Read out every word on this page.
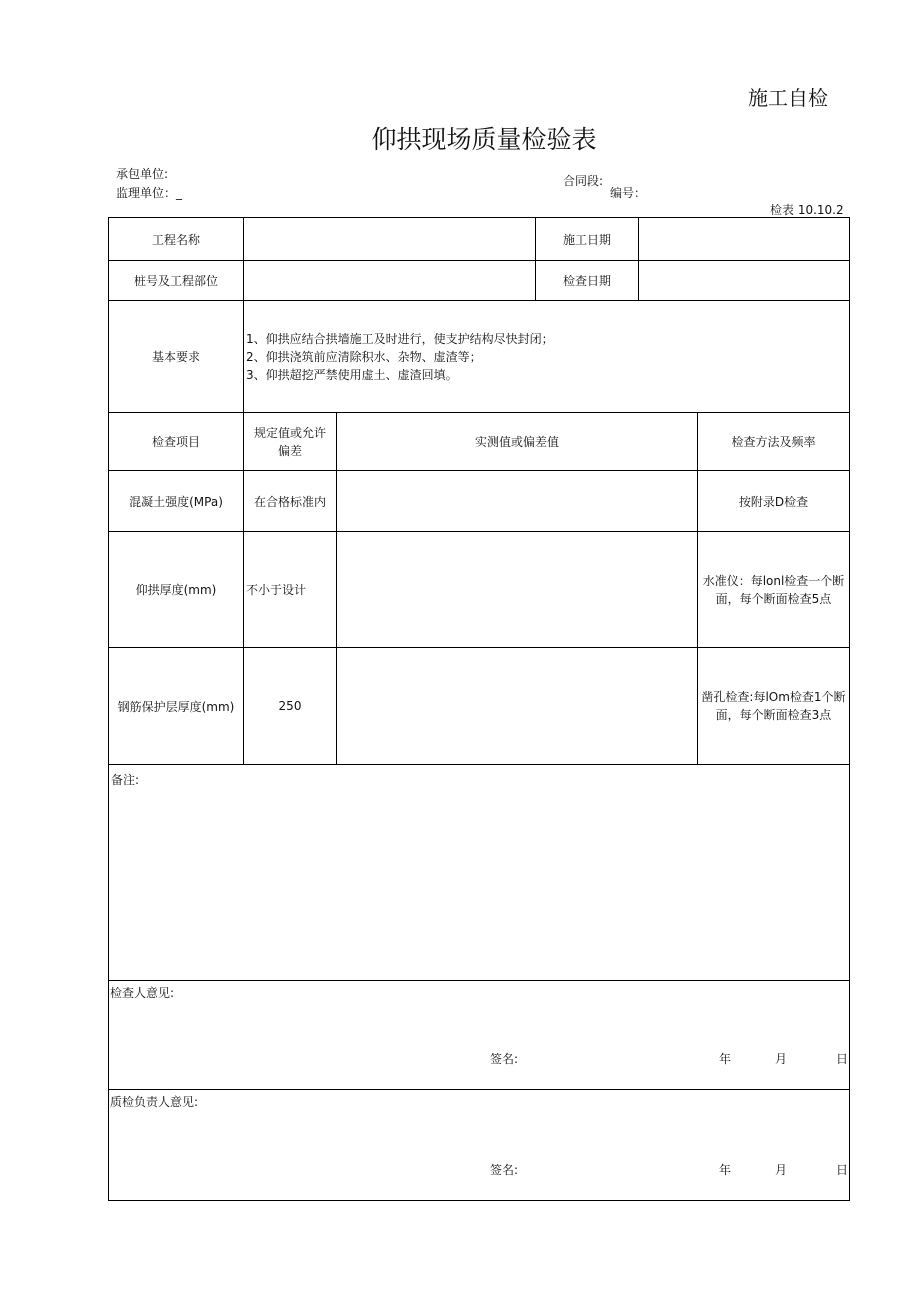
施工自检
仰拱现场质量检验表
承包单位:
监理单位：_
合同段:
编号：
检表 10.10.2
工程名称			施工日期		
桩号及工程部位			检查日期		
基本要求	1、仰拱应结合拱墙施工及时进行，使支护结构尽快封闭；
2、仰拱浇筑前应清除积水、杂物、虚渣等；
3、仰拱超挖严禁使用虚土、虚渣回填。				

检查项目	规定值或允许偏差	实测值或偏差值			检查方法及频率
混凝土强度(MPa)	在合格标准内				按附录D检查
仰拱厚度(mm)	不小于设计				水准仪：每lonl检查一个断面，每个断面检查5点
钢筋保护层厚度(mm)	250				凿孔检查:每lOm检查1个断面，每个断面检查3点

备注:					

检查人意见:
签名: 年 月 日					

质检负责人意见:
签名: 年 月 日					
